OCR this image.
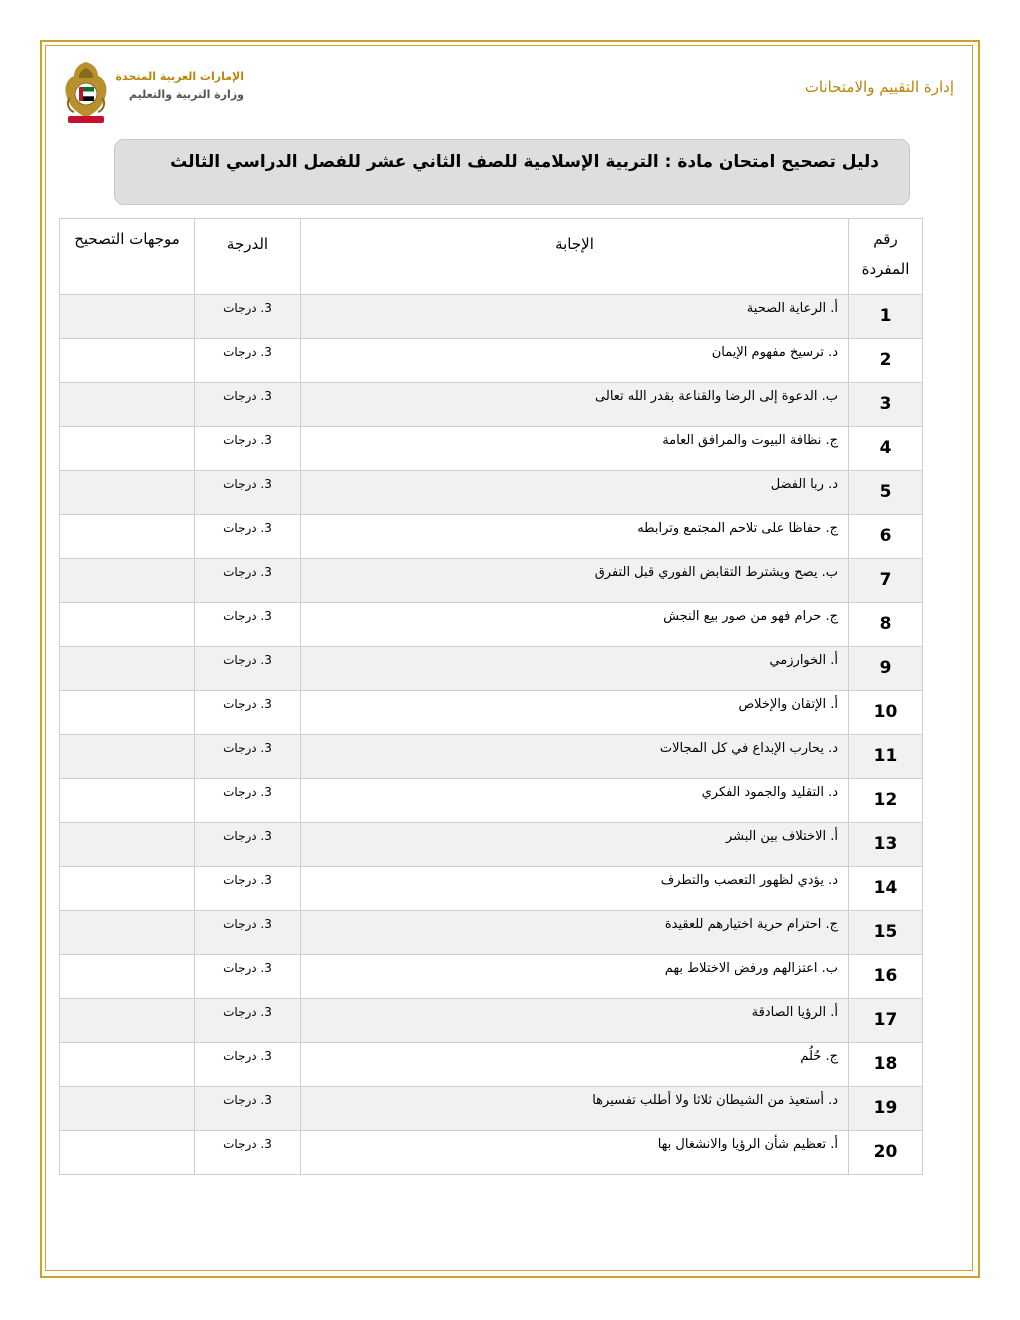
إدارة التقييم والامتحانات
الإمارات العربية المتحدة
وزارة التربية والتعليم
دليل تصحيح امتحان مادة : التربية الإسلامية للصف الثاني عشر للفصل الدراسي الثالث
رقم المفردة	الإجابة	الدرجة	موجهات التصحيح

1	أ. الرعاية الصحية	3. درجات	

2	د. ترسيخ مفهوم الإيمان	3. درجات	

3	ب. الدعوة إلى الرضا والقناعة بقدر الله تعالى	3. درجات	

4	ج. نظافة البيوت والمرافق العامة	3. درجات	

5	د. ربا الفضل	3. درجات	

6	ج. حفاظا على تلاحم المجتمع وترابطه	3. درجات	

7	ب. يصح ويشترط التقابض الفوري قبل التفرق	3. درجات	

8	ج. حرام فهو من صور بيع النجش	3. درجات	

9	أ. الخوارزمي	3. درجات	

10	أ. الإتقان والإخلاص	3. درجات	

11	د. يحارب الإبداع في كل المجالات	3. درجات	

12	د. التقليد والجمود الفكري	3. درجات	

13	أ. الاختلاف بين البشر	3. درجات	

14	د. يؤدي لظهور التعصب والتطرف	3. درجات	

15	ج. احترام حرية اختيارهم للعقيدة	3. درجات	

16	ب. اعتزالهم ورفض الاختلاط بهم	3. درجات	

17	أ. الرؤيا الصادقة	3. درجات	

18	ج. حُلُم	3. درجات	

19	د. أستعيذ من الشيطان ثلاثا ولا أطلب تفسيرها	3. درجات	

20	أ. تعظيم شأن الرؤيا والانشغال بها	3. درجات	
